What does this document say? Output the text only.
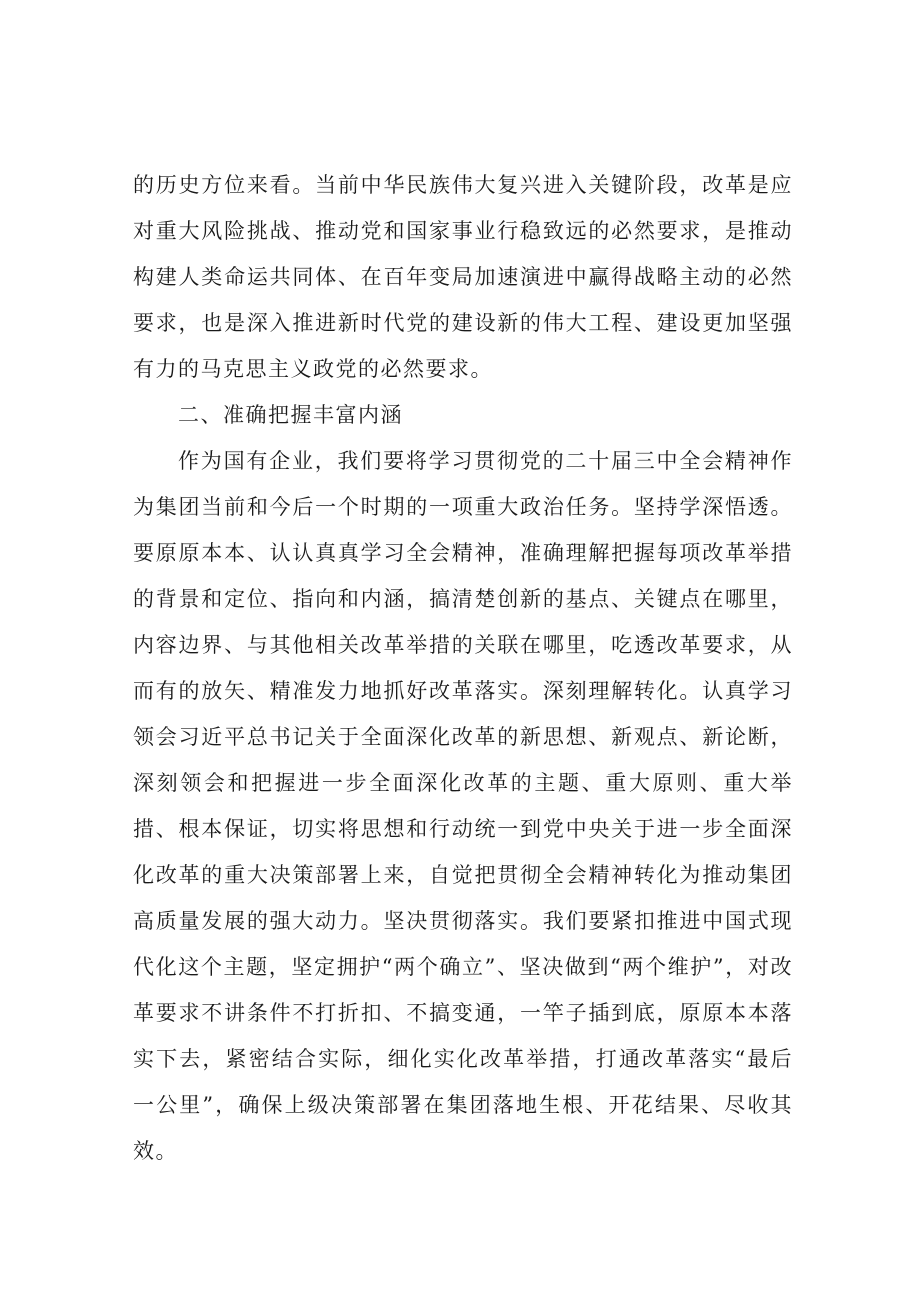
的历史方位来看。当前中华民族伟大复兴进入关键阶段，改革是应对重大风险挑战、推动党和国家事业行稳致远的必然要求，是推动构建人类命运共同体、在百年变局加速演进中赢得战略主动的必然要求，也是深入推进新时代党的建设新的伟大工程、建设更加坚强有力的马克思主义政党的必然要求。

二、准确把握丰富内涵

作为国有企业，我们要将学习贯彻党的二十届三中全会精神作为集团当前和今后一个时期的一项重大政治任务。坚持学深悟透。要原原本本、认认真真学习全会精神，准确理解把握每项改革举措的背景和定位、指向和内涵，搞清楚创新的基点、关键点在哪里，内容边界、与其他相关改革举措的关联在哪里，吃透改革要求，从而有的放矢、精准发力地抓好改革落实。深刻理解转化。认真学习领会习近平总书记关于全面深化改革的新思想、新观点、新论断，深刻领会和把握进一步全面深化改革的主题、重大原则、重大举措、根本保证，切实将思想和行动统一到党中央关于进一步全面深化改革的重大决策部署上来，自觉把贯彻全会精神转化为推动集团高质量发展的强大动力。坚决贯彻落实。我们要紧扣推进中国式现代化这个主题，坚定拥护“两个确立”、坚决做到“两个维护”，对改革要求不讲条件不打折扣、不搞变通，一竿子插到底，原原本本落实下去，紧密结合实际，细化实化改革举措，打通改革落实“最后一公里”，确保上级决策部署在集团落地生根、开花结果、尽收其效。
